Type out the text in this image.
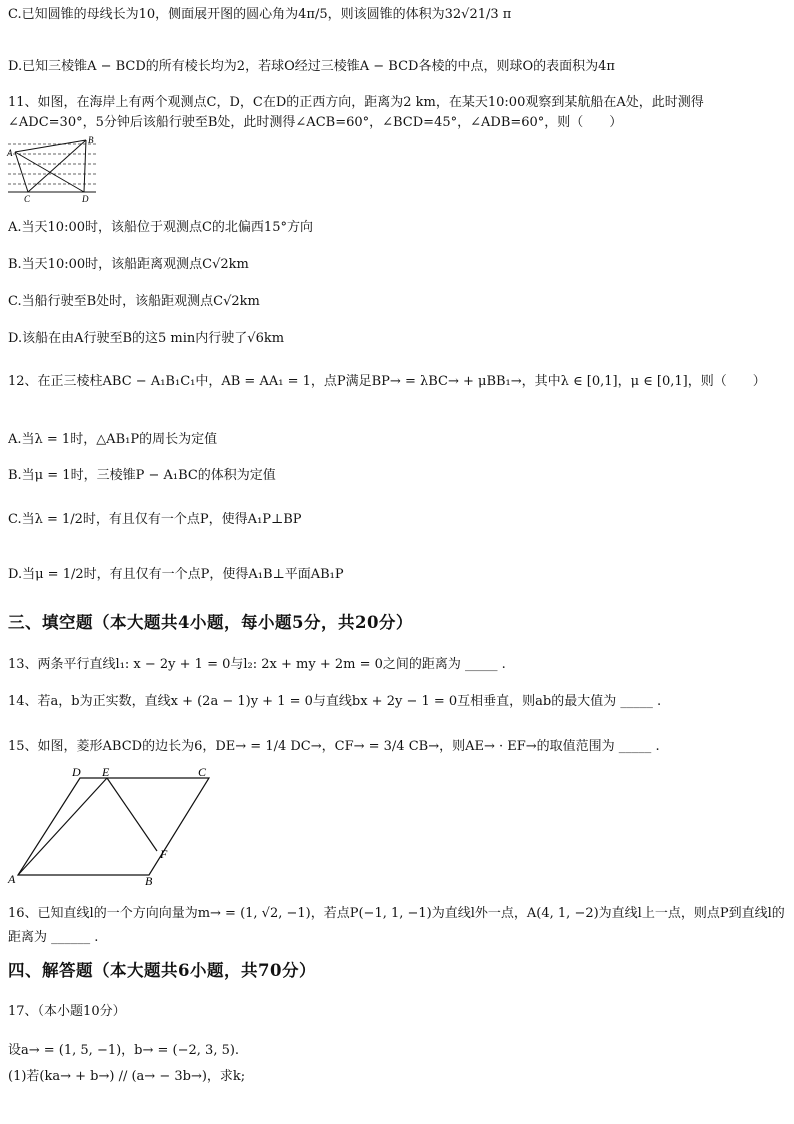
C.已知圆锥的母线长为10，侧面展开图的圆心角为4π/5，则该圆锥的体积为32√21/3 π
D.已知三棱锥A − BCD的所有棱长均为2，若球O经过三棱锥A − BCD各棱的中点，则球O的表面积为4π
11、如图，在海岸上有两个观测点C，D，C在D的正西方向，距离为2 km，在某天10:00观察到某航船在A处，此时测得∠ADC=30°，5分钟后该船行驶至B处，此时测得∠ACB=60°，∠BCD=45°，∠ADB=60°，则（　　）
A
B
C	D
A.当天10:00时，该船位于观测点C的北偏西15°方向
B.当天10:00时，该船距离观测点C√2km
C.当船行驶至B处时，该船距观测点C√2km
D.该船在由A行驶至B的这5 min内行驶了√6km
12、在正三棱柱ABC − A₁B₁C₁中，AB = AA₁ = 1，点P满足BP→ = λBC→ + μBB₁→，其中λ ∈ [0,1]，μ ∈ [0,1]，则（　　）
A.当λ = 1时，△AB₁P的周长为定值
B.当μ = 1时，三棱锥P − A₁BC的体积为定值
C.当λ = 1/2时，有且仅有一个点P，使得A₁P⊥BP
D.当μ = 1/2时，有且仅有一个点P，使得A₁B⊥平面AB₁P
三、填空题（本大题共4小题，每小题5分，共20分）
13、两条平行直线l₁: x − 2y + 1 = 0与l₂: 2x + my + 2m = 0之间的距离为 _____ .
14、若a，b为正实数，直线x + (2a − 1)y + 1 = 0与直线bx + 2y − 1 = 0互相垂直，则ab的最大值为 _____ .
15、如图，菱形ABCD的边长为6，DE→ = 1/4 DC→，CF→ = 3/4 CB→，则AE→ · EF→的取值范围为 _____ .
A	B
C
D E
F
16、已知直线l的一个方向向量为m→ = (1, √2, −1)，若点P(−1, 1, −1)为直线l外一点，A(4, 1, −2)为直线l上一点，则点P到直线l的距离为 ______ .
四、解答题（本大题共6小题，共70分）
17、（本小题10分）
设a→ = (1, 5, −1)，b→ = (−2, 3, 5).
(1)若(ka→ + b→) // (a→ − 3b→)，求k;
